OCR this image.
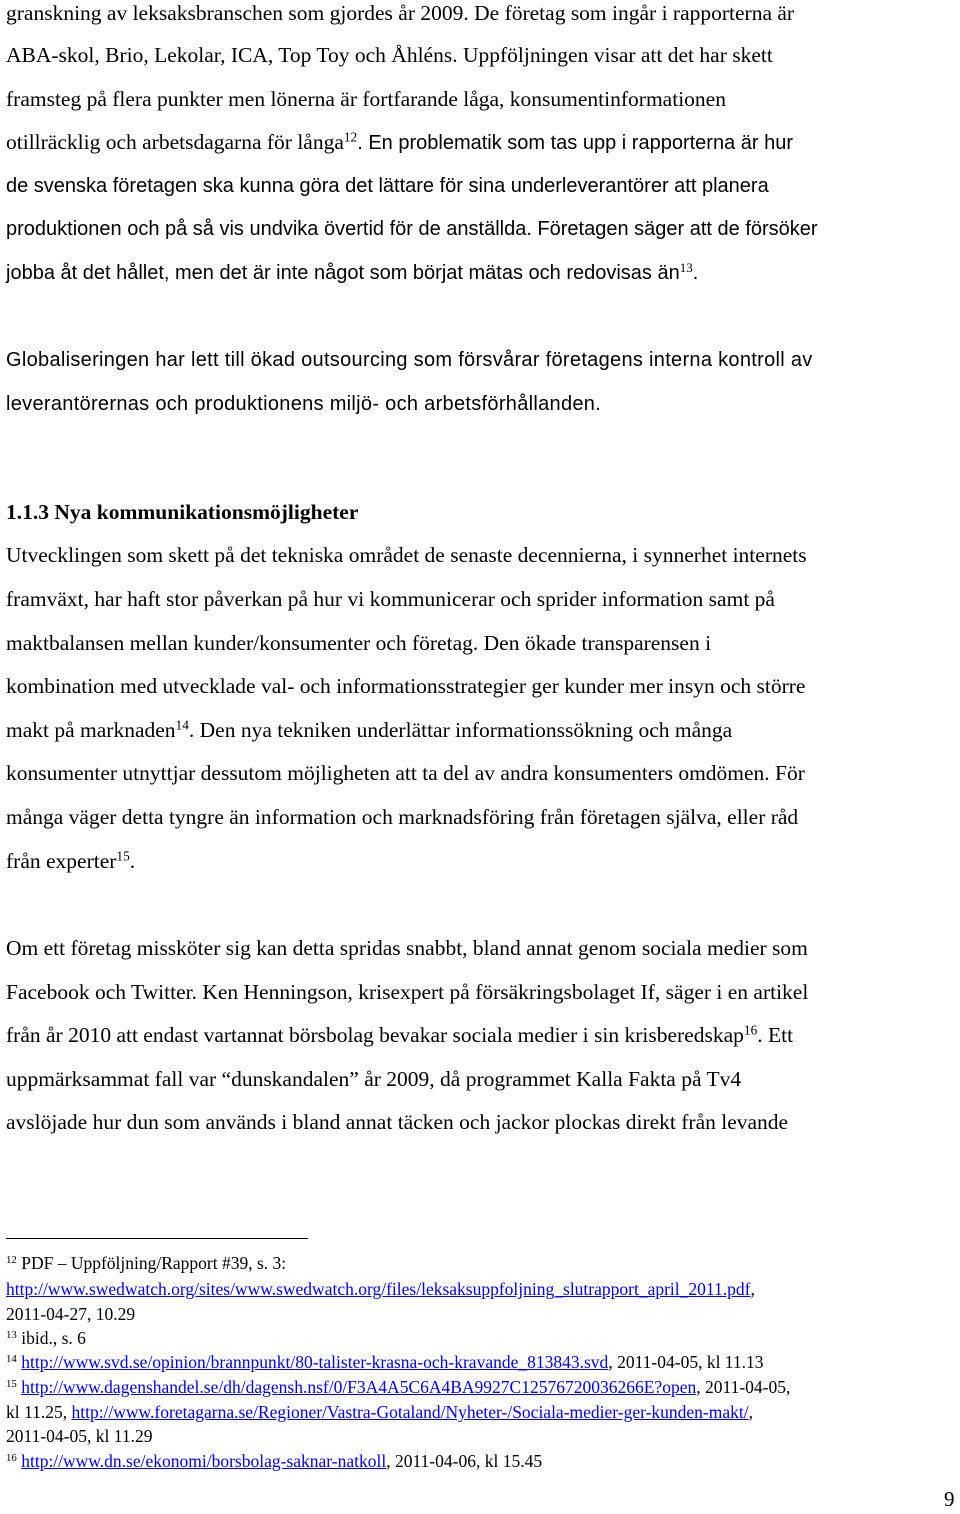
granskning av leksaksbranschen som gjordes år 2009. De företag som ingår i rapporterna är
ABA-skol, Brio, Lekolar, ICA, Top Toy och Åhléns. Uppföljningen visar att det har skett
framsteg på flera punkter men lönerna är fortfarande låga, konsumentinformationen
otillräcklig och arbetsdagarna för långa$^{12}$. En problematik som tas upp i rapporterna är hur
de svenska företagen ska kunna göra det lättare för sina underleverantörer att planera
produktionen och på så vis undvika övertid för de anställda. Företagen säger att de försöker
jobba åt det hållet, men det är inte något som börjat mätas och redovisas $än^{13}$.
Globaliseringen har lett till ökad outsourcing som försvårar företagens interna kontroll av
leverantörernas och produktionens miljö- och arbetsförhållanden.
1.1.3 Nya kommunikationsmöjligheter
Utvecklingen som skett på det tekniska området de senaste decennierna, i synnerhet internets
framväxt, har haft stor påverkan på hur vi kommunicerar och sprider information samt på
maktbalansen mellan kunder/konsumenter och företag. Den ökade transparensen i
kombination med utvecklade val- och informationsstrategier ger kunder mer insyn och större
makt på marknaden$^{14}$. Den nya tekniken underlättar informationssökning och många
konsumenter utnyttjar dessutom möjligheten att ta del av andra konsumenters omdömen. För
många väger detta tyngre än information och marknadsföring från företagen själva, eller råd
från experter$^{15}$.
Om ett företag missköter sig kan detta spridas snabbt, bland annat genom sociala medier som
Facebook och Twitter. Ken Henningson, krisexpert på försäkringsbolaget If, säger i en artikel
från år 2010 att endast vartannat börsbolag bevakar sociala medier i sin krisberedskap$^{16}$. Ett
uppmärksammat fall var “dunskandalen” år 2009, då programmet Kalla Fakta på Tv4
avslöjade hur dun som används i bland annat täcken och jackor plockas direkt från levande
$^{12}$ PDF – Uppföljning/Rapport #39, s. 3:
http://www.swedwatch.org/sites/www.swedwatch.org/files/leksaksuppfoljning_slutrapport_april_2011.pdf,
2011-04-27, 10.29
$^{13}$ ibid., s. 6
$^{14}$ http://www.svd.se/opinion/brannpunkt/80-talister-krasna-och-kravande_813843.svd, 2011-04-05, kl 11.13
$^{15}$ http://www.dagenshandel.se/dh/dagensh.nsf/0/F3A4A5C6A4BA9927C12576720036266E?open, 2011-04-05,
kl 11.25, http://www.foretagarna.se/Regioner/Vastra-Gotaland/Nyheter-/Sociala-medier-ger-kunden-makt/,
2011-04-05, kl 11.29
$^{16}$ http://www.dn.se/ekonomi/borsbolag-saknar-natkoll, 2011-04-06, kl 15.45
9
